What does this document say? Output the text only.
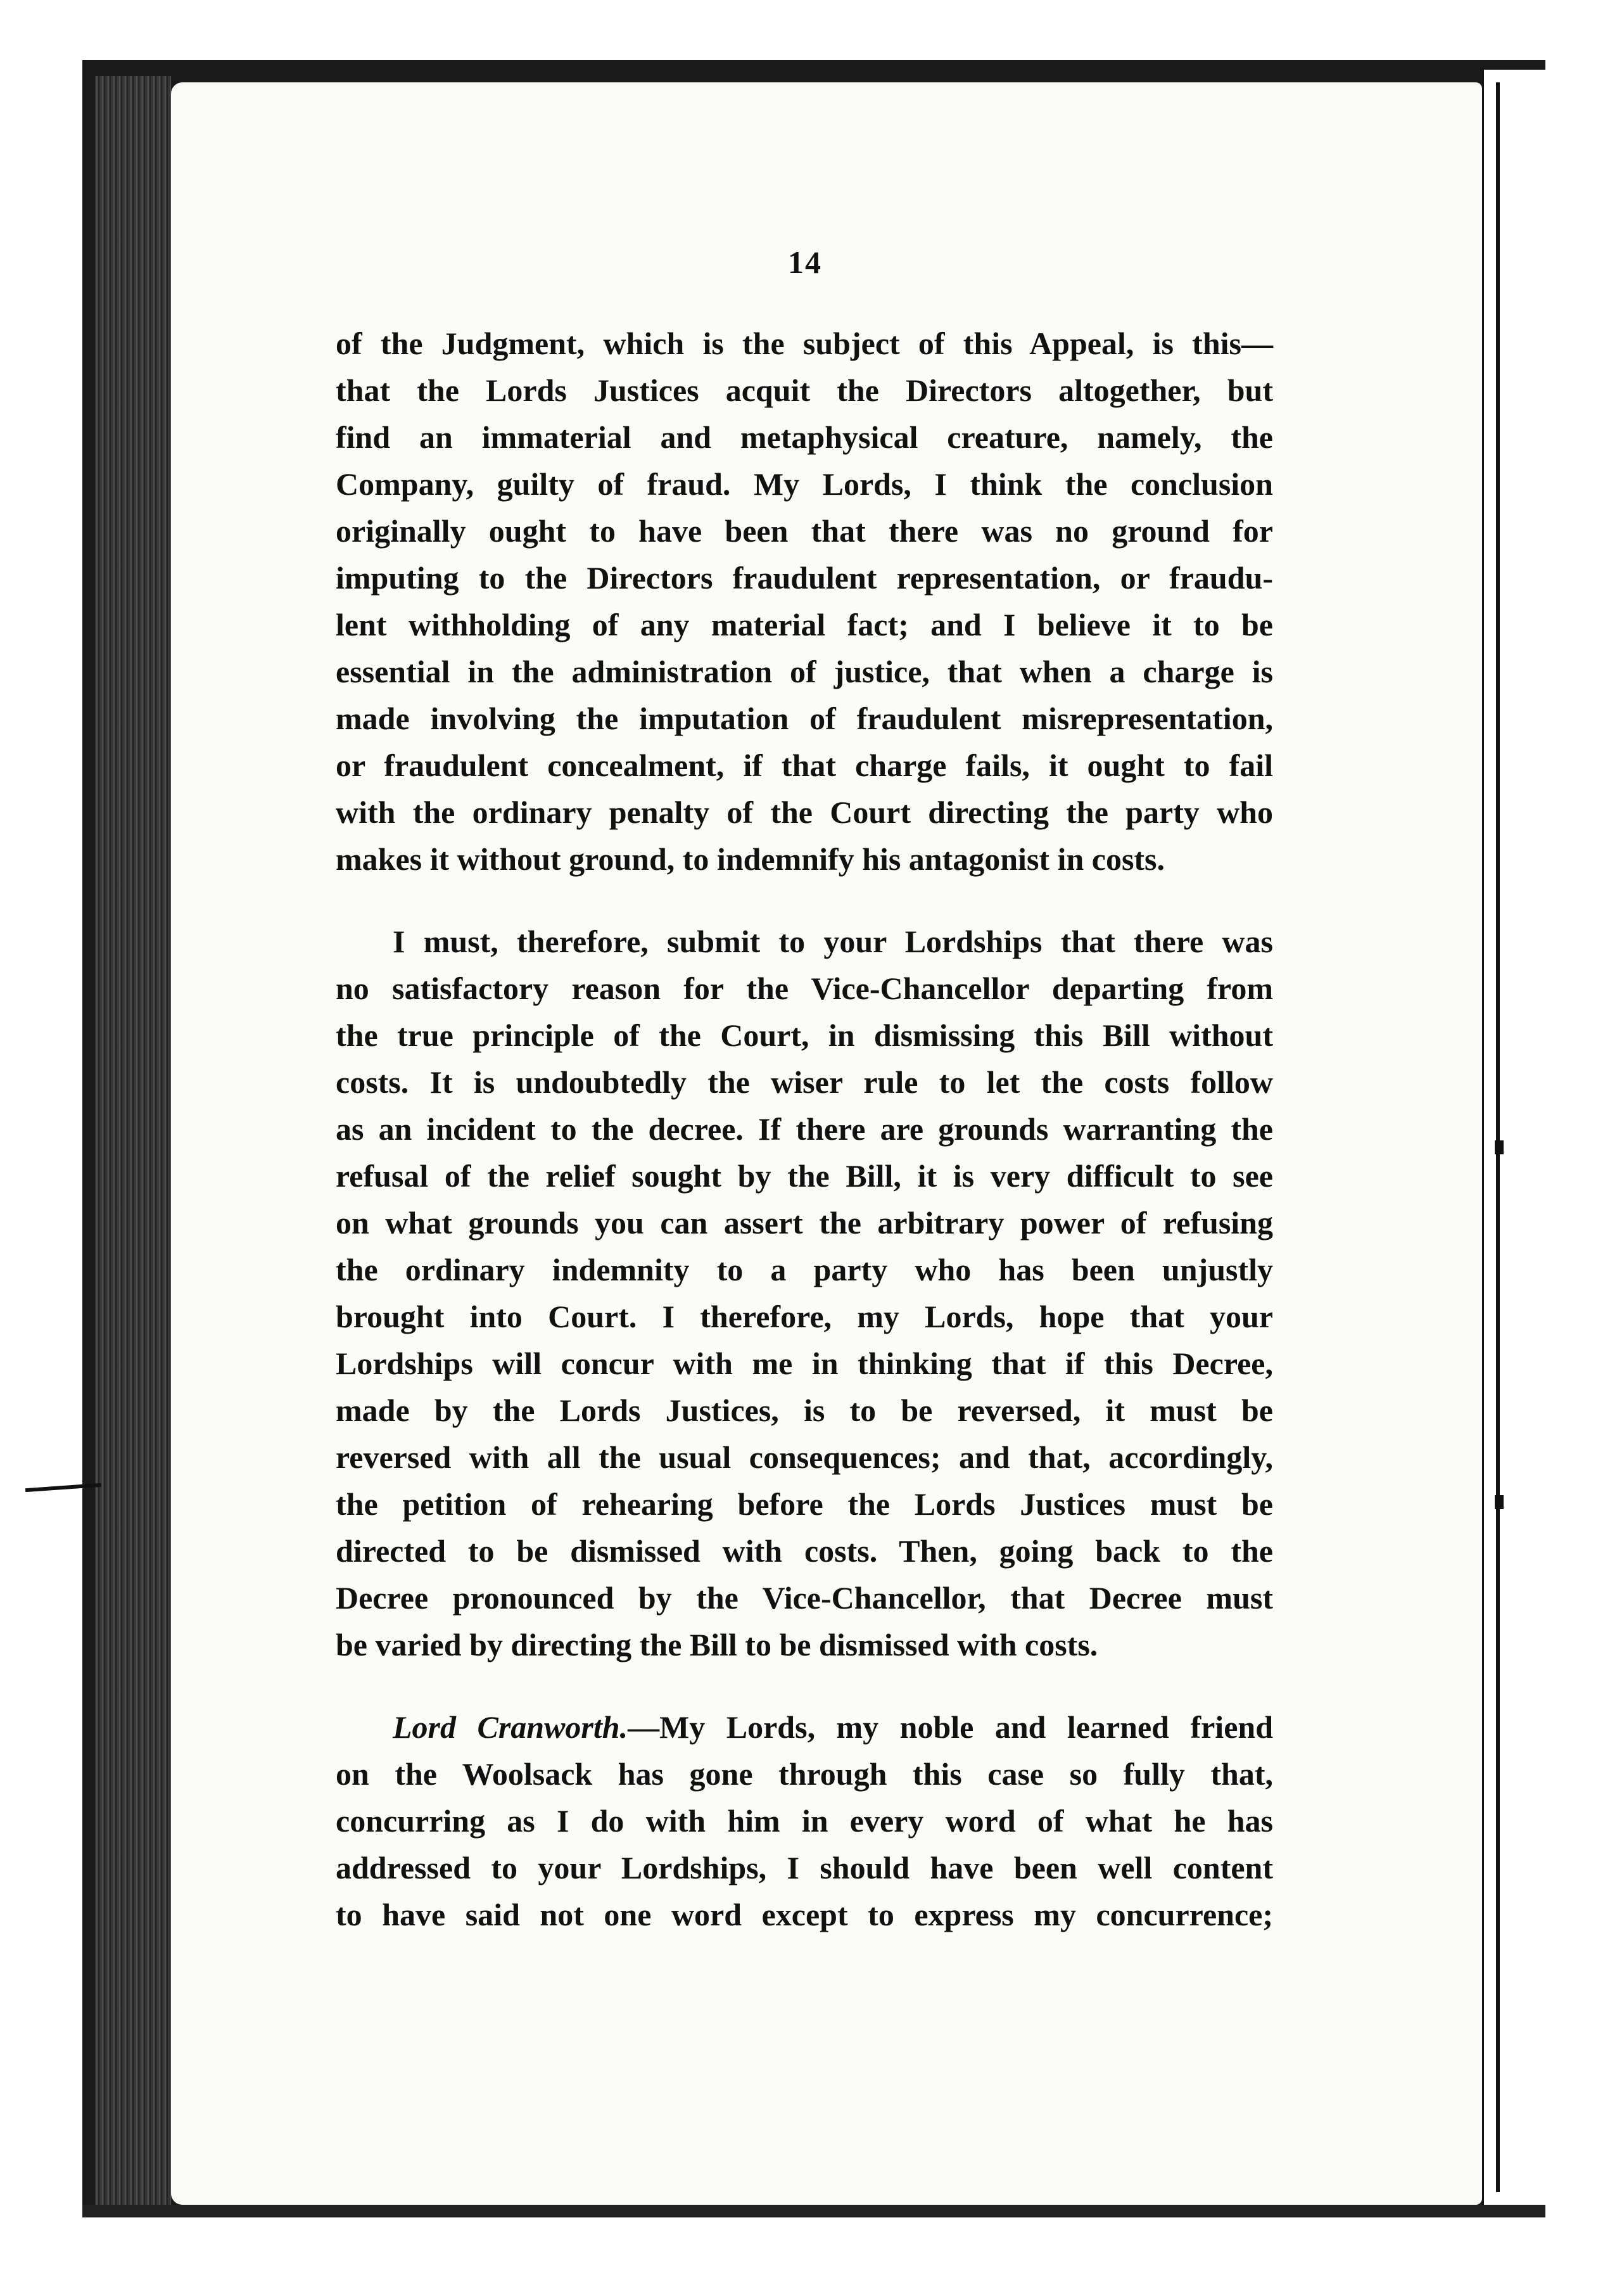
14

of the Judgment, which is the subject of this Appeal, is this—
that the Lords Justices acquit the Directors altogether, but
find an immaterial and metaphysical creature, namely, the
Company, guilty of fraud. My Lords, I think the conclusion
originally ought to have been that there was no ground for
imputing to the Directors fraudulent representation, or fraudu-
lent withholding of any material fact; and I believe it to be
essential in the administration of justice, that when a charge is
made involving the imputation of fraudulent misrepresentation,
or fraudulent concealment, if that charge fails, it ought to fail
with the ordinary penalty of the Court directing the party who
makes it without ground, to indemnify his antagonist in costs.

I must, therefore, submit to your Lordships that there was
no satisfactory reason for the Vice-Chancellor departing from
the true principle of the Court, in dismissing this Bill without
costs. It is undoubtedly the wiser rule to let the costs follow
as an incident to the decree. If there are grounds warranting the
refusal of the relief sought by the Bill, it is very difficult to see
on what grounds you can assert the arbitrary power of refusing
the ordinary indemnity to a party who has been unjustly
brought into Court. I therefore, my Lords, hope that your
Lordships will concur with me in thinking that if this Decree,
made by the Lords Justices, is to be reversed, it must be
reversed with all the usual consequences; and that, accordingly,
the petition of rehearing before the Lords Justices must be
directed to be dismissed with costs. Then, going back to the
Decree pronounced by the Vice-Chancellor, that Decree must
be varied by directing the Bill to be dismissed with costs.

Lord Cranworth.—My Lords, my noble and learned friend
on the Woolsack has gone through this case so fully that,
concurring as I do with him in every word of what he has
addressed to your Lordships, I should have been well content
to have said not one word except to express my concurrence;
